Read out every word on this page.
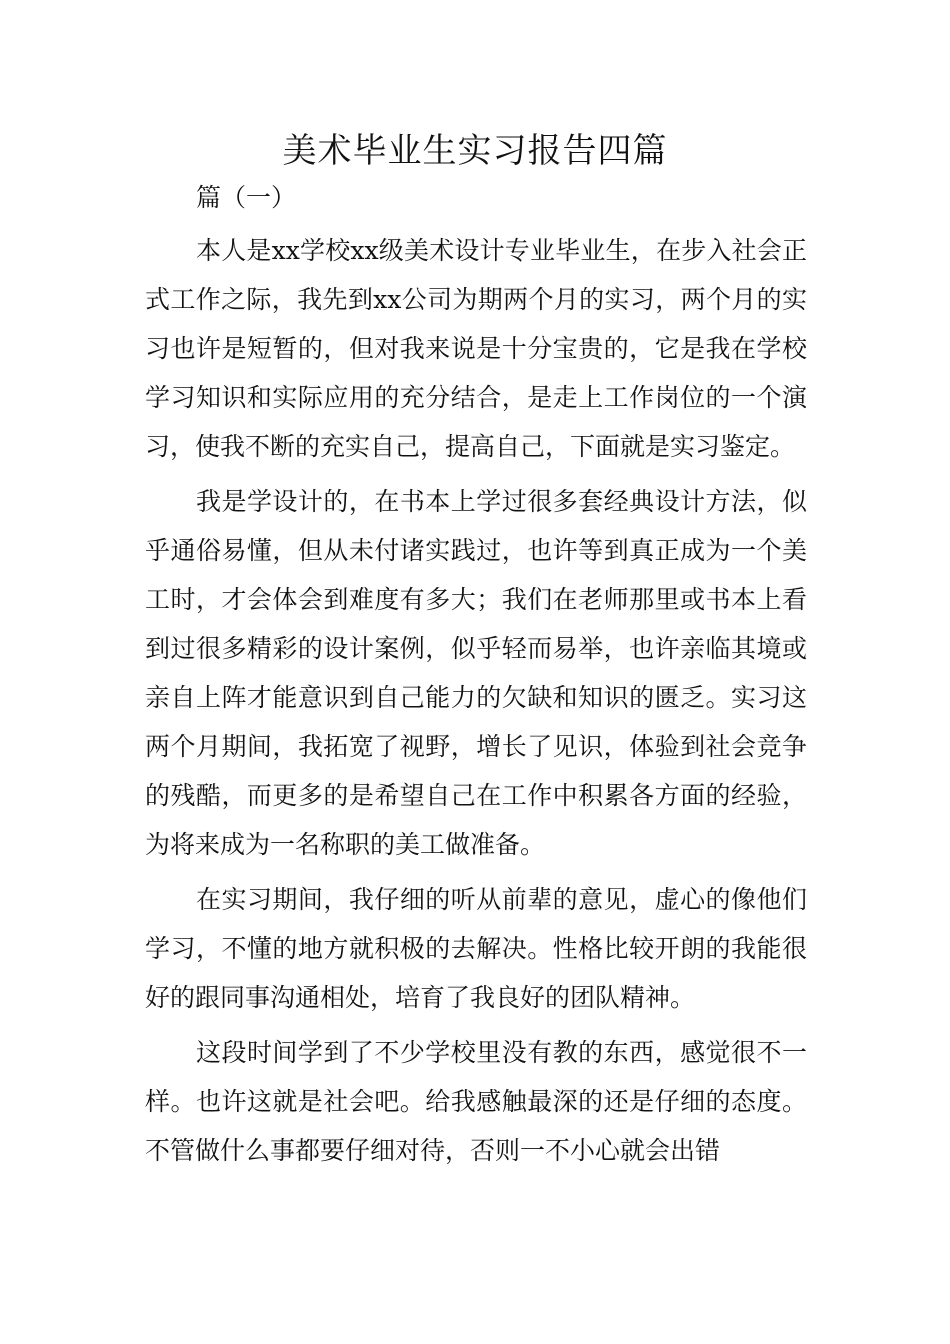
美术毕业生实习报告四篇

篇（一）

本人是xx学校xx级美术设计专业毕业生，在步入社会正式工作之际，我先到xx公司为期两个月的实习，两个月的实习也许是短暂的，但对我来说是十分宝贵的，它是我在学校学习知识和实际应用的充分结合，是走上工作岗位的一个演习，使我不断的充实自己，提高自己，下面就是实习鉴定。

我是学设计的，在书本上学过很多套经典设计方法，似乎通俗易懂，但从未付诸实践过，也许等到真正成为一个美工时，才会体会到难度有多大；我们在老师那里或书本上看到过很多精彩的设计案例，似乎轻而易举，也许亲临其境或亲自上阵才能意识到自己能力的欠缺和知识的匮乏。实习这两个月期间，我拓宽了视野，增长了见识，体验到社会竞争的残酷，而更多的是希望自己在工作中积累各方面的经验，为将来成为一名称职的美工做准备。

在实习期间，我仔细的听从前辈的意见，虚心的像他们学习，不懂的地方就积极的去解决。性格比较开朗的我能很好的跟同事沟通相处，培育了我良好的团队精神。

这段时间学到了不少学校里没有教的东西，感觉很不一样。也许这就是社会吧。给我感触最深的还是仔细的态度。不管做什么事都要仔细对待，否则一不小心就会出错
